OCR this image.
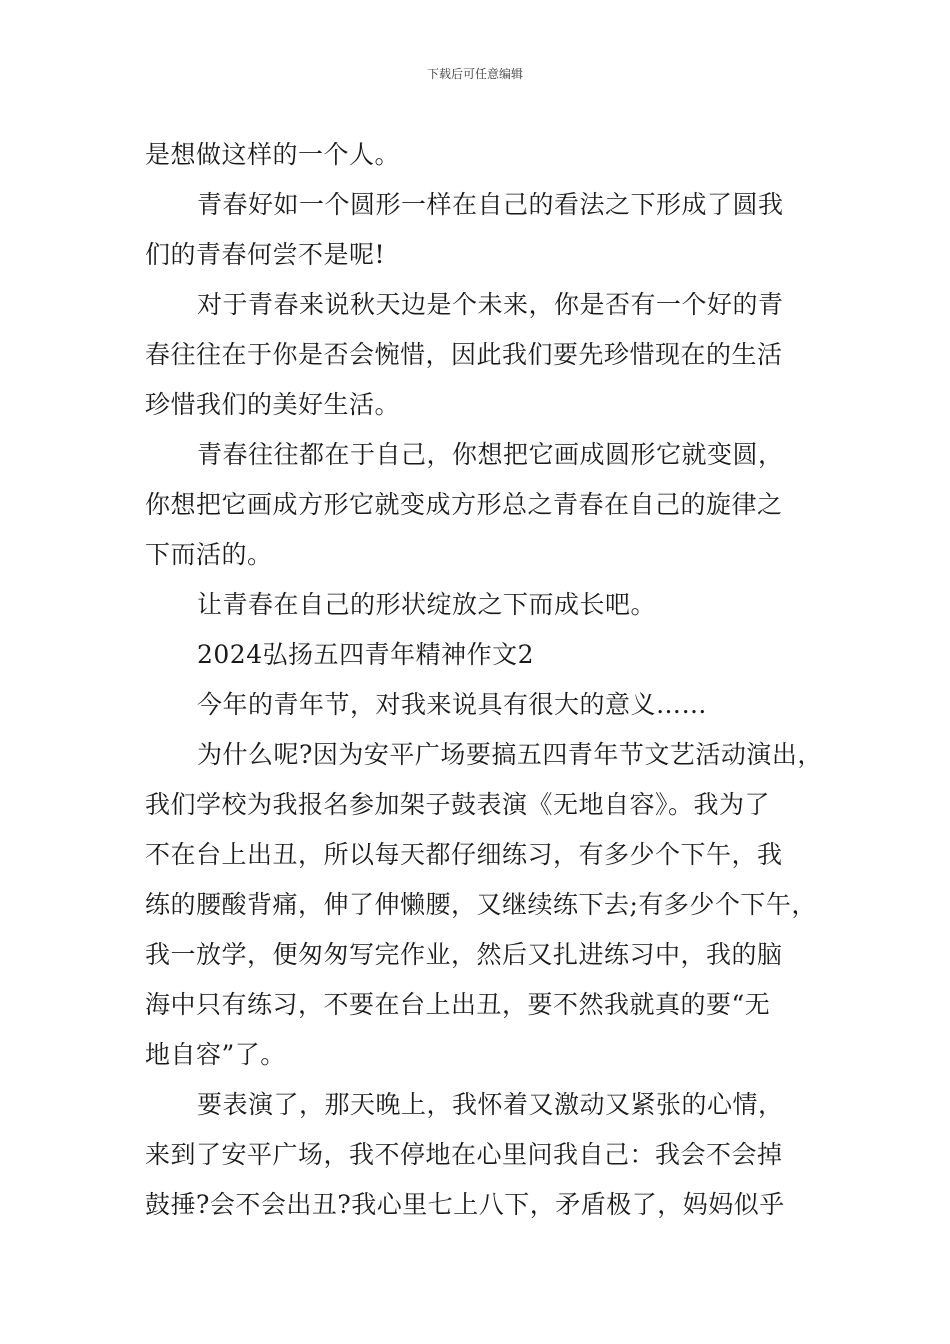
下载后可任意编辑
是想做这样的一个人。
青春好如一个圆形一样在自己的看法之下形成了圆我
们的青春何尝不是呢!
对于青春来说秋天边是个未来，你是否有一个好的青
春往往在于你是否会惋惜，因此我们要先珍惜现在的生活
珍惜我们的美好生活。
青春往往都在于自己，你想把它画成圆形它就变圆，
你想把它画成方形它就变成方形总之青春在自己的旋律之
下而活的。
让青春在自己的形状绽放之下而成长吧。
2024弘扬五四青年精神作文2
今年的青年节，对我来说具有很大的意义……
为什么呢?因为安平广场要搞五四青年节文艺活动演出，
我们学校为我报名参加架子鼓表演《无地自容》。我为了
不在台上出丑，所以每天都仔细练习，有多少个下午，我
练的腰酸背痛，伸了伸懒腰，又继续练下去;有多少个下午，
我一放学，便匆匆写完作业，然后又扎进练习中，我的脑
海中只有练习，不要在台上出丑，要不然我就真的要“无
地自容”了。
要表演了，那天晚上，我怀着又激动又紧张的心情，
来到了安平广场，我不停地在心里问我自己：我会不会掉
鼓捶?会不会出丑?我心里七上八下，矛盾极了，妈妈似乎
